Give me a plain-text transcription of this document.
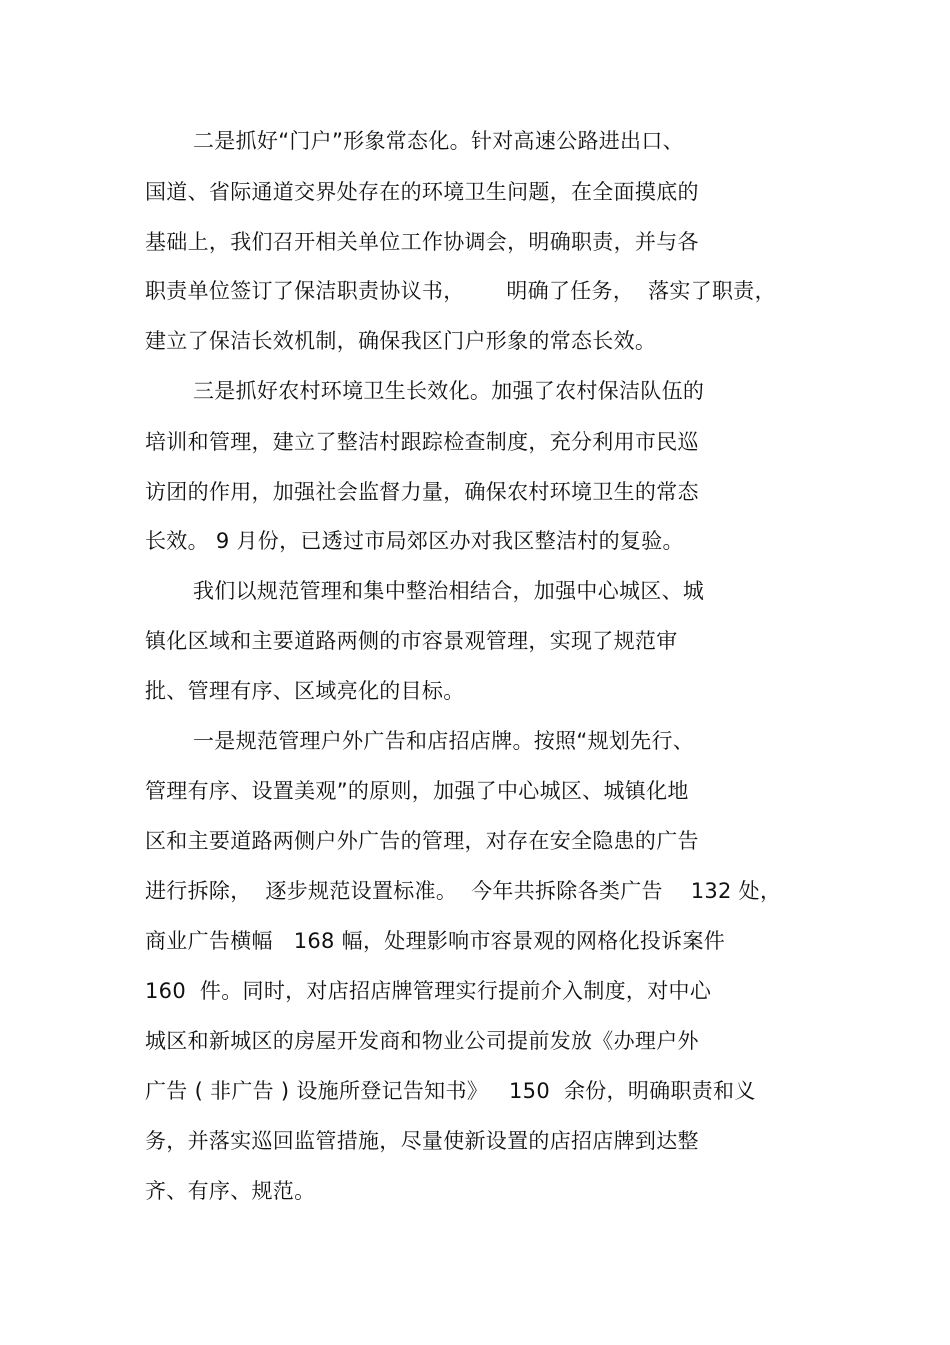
二是抓好“门户”形象常态化。针对高速公路进出口、
国道、省际通道交界处存在的环境卫生问题，在全面摸底的
基础上，我们召开相关单位工作协调会，明确职责，并与各
职责单位签订了保洁职责协议书，      明确了任务，  落实了职责，
建立了保洁长效机制，确保我区门户形象的常态长效。
三是抓好农村环境卫生长效化。加强了农村保洁队伍的
培训和管理，建立了整洁村跟踪检查制度，充分利用市民巡
访团的作用，加强社会监督力量，确保农村环境卫生的常态
长效。 9 月份，已透过市局郊区办对我区整洁村的复验。
我们以规范管理和集中整治相结合，加强中心城区、城
镇化区域和主要道路两侧的市容景观管理，实现了规范审
批、管理有序、区域亮化的目标。
一是规范管理户外广告和店招店牌。按照“规划先行、
管理有序、设置美观”的原则，加强了中心城区、城镇化地
区和主要道路两侧户外广告的管理，对存在安全隐患的广告
进行拆除，  逐步规范设置标准。  今年共拆除各类广告    132 处，
商业广告横幅   168 幅，处理影响市容景观的网格化投诉案件
160  件。同时，对店招店牌管理实行提前介入制度，对中心
城区和新城区的房屋开发商和物业公司提前发放《办理户外
广告 ( 非广告 ) 设施所登记告知书》   150  余份，明确职责和义
务，并落实巡回监管措施，尽量使新设置的店招店牌到达整
齐、有序、规范。
